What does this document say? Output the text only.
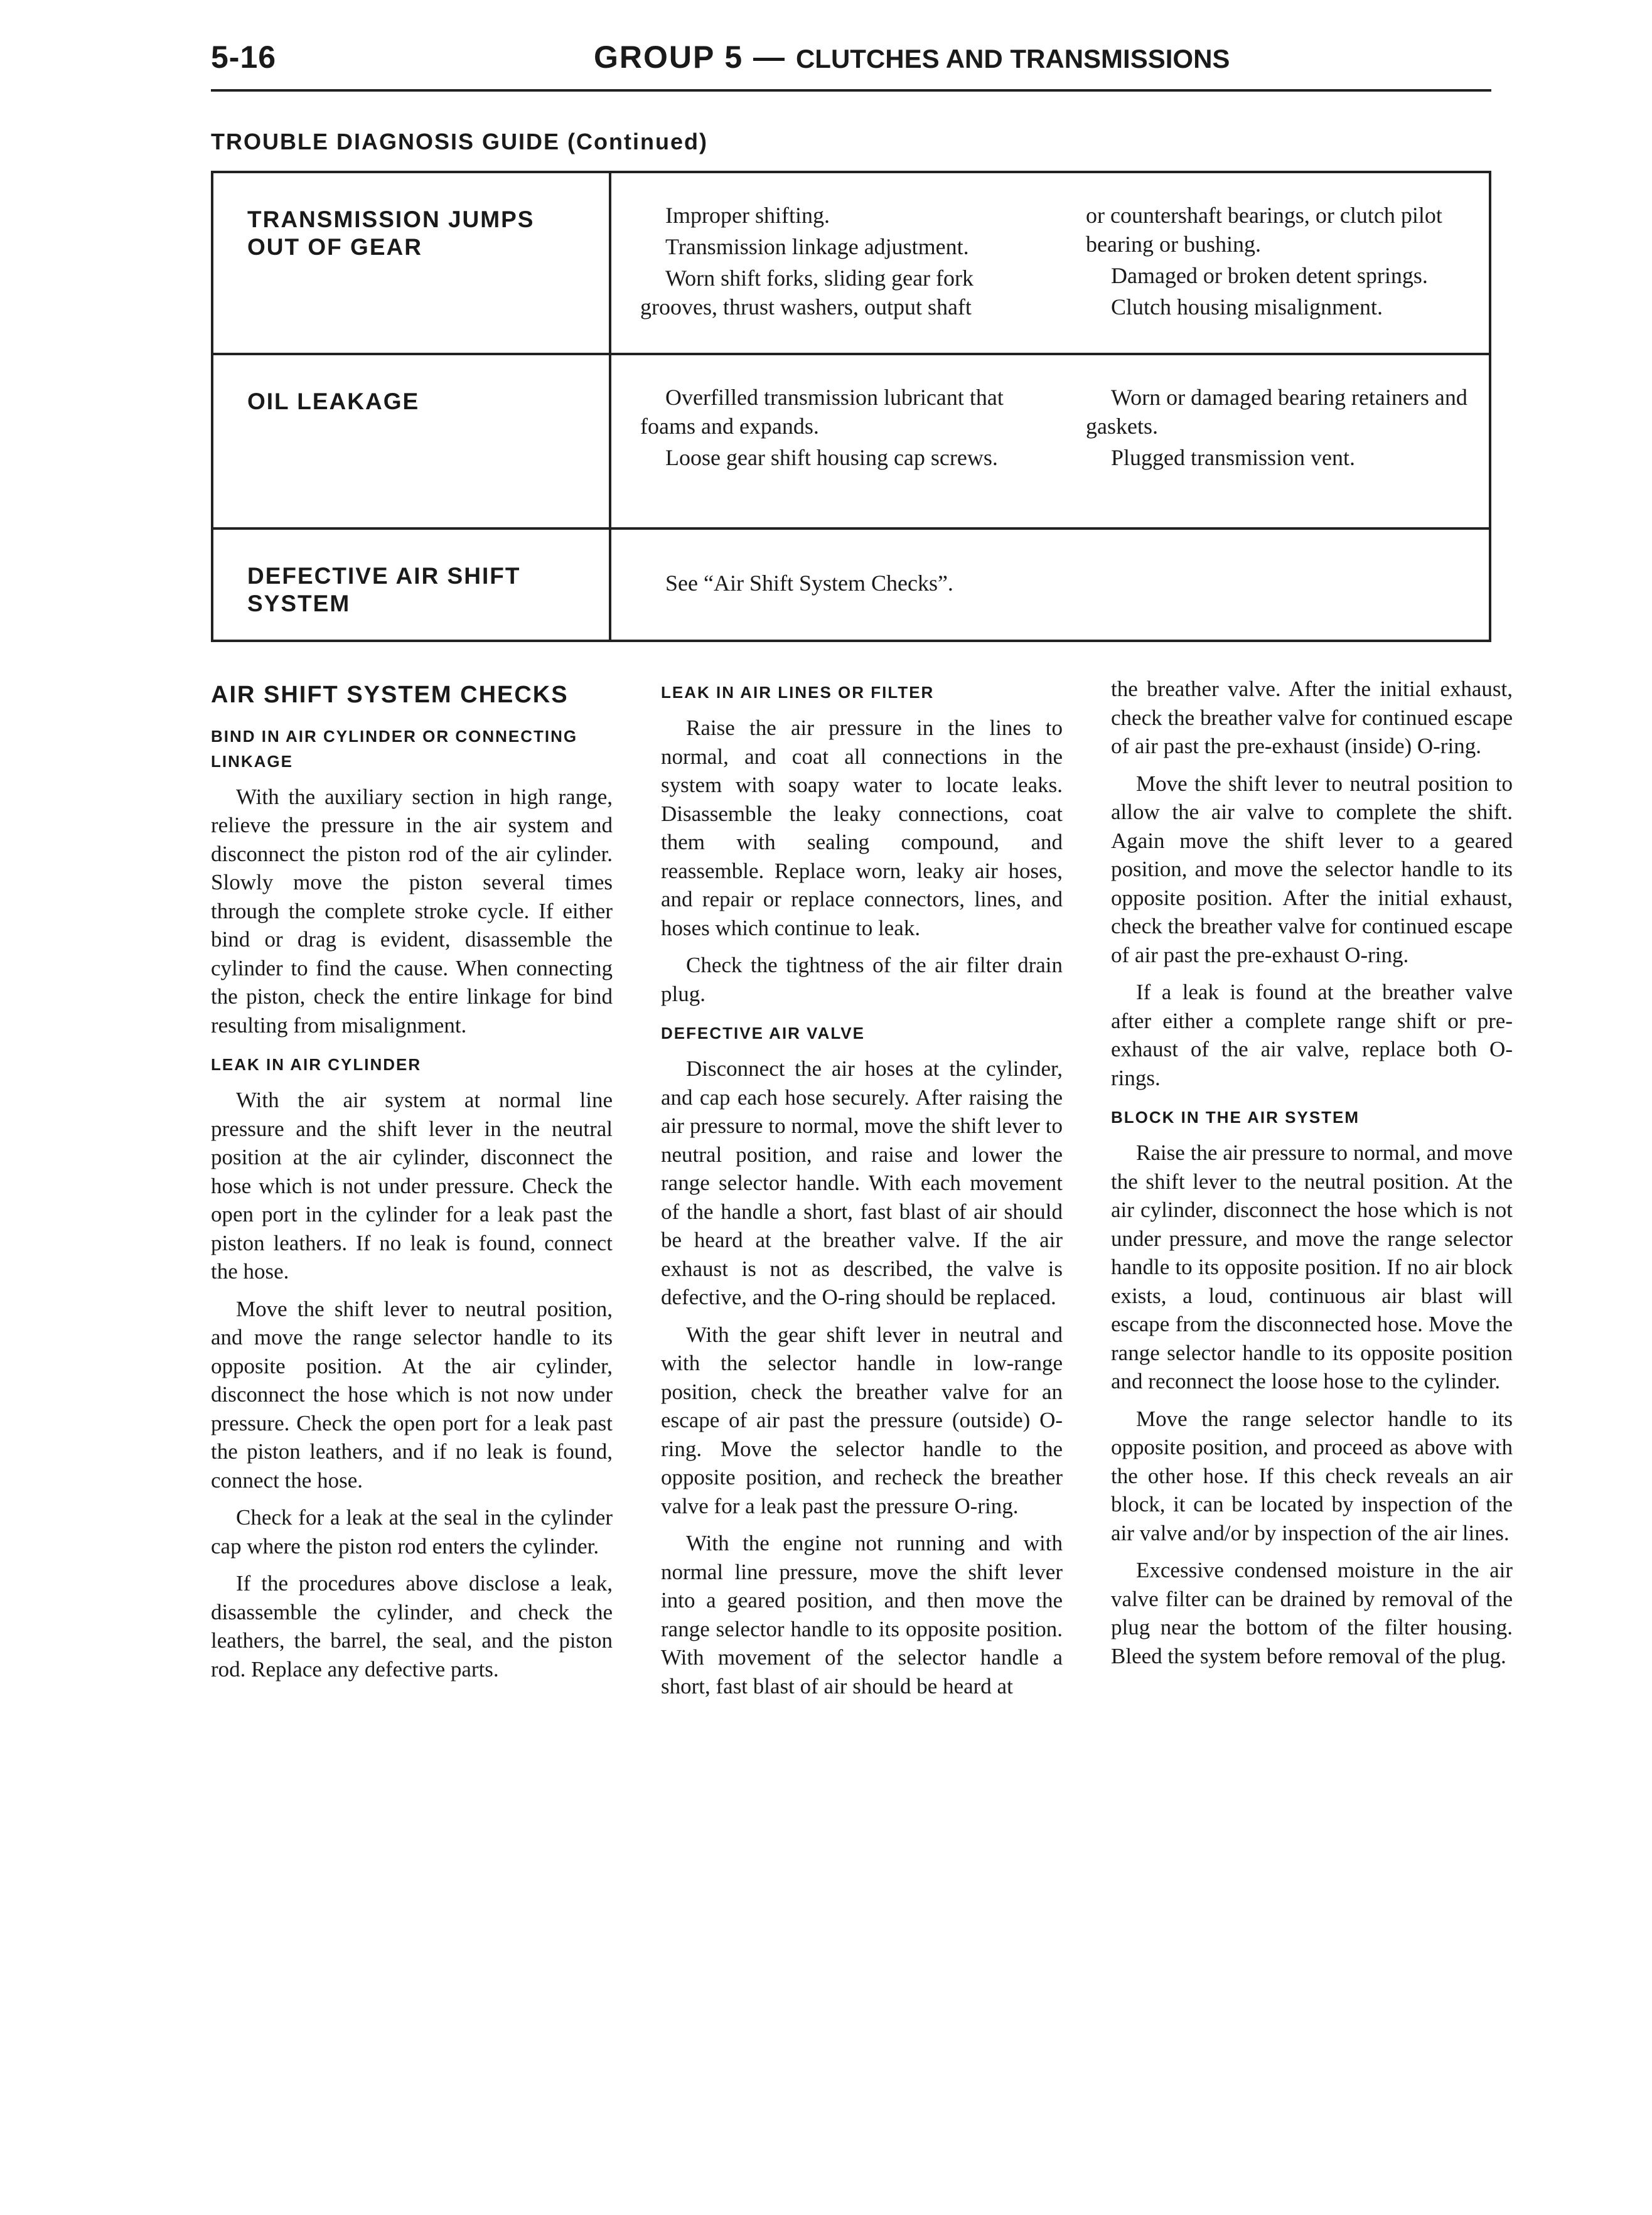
5-16	GROUP 5 — CLUTCHES AND TRANSMISSIONS
TROUBLE DIAGNOSIS GUIDE (Continued)
TRANSMISSION JUMPS OUT OF GEAR

Improper shifting.

Transmission linkage adjustment.

Worn shift forks, sliding gear fork grooves, thrust washers, output shaft

or countershaft bearings, or clutch pilot bearing or bushing.

Damaged or broken detent springs.

Clutch housing misalignment.

OIL LEAKAGE	Overfilled transmission lubricant that foams and expands.

Loose gear shift housing cap screws.

Worn or damaged bearing retainers and gaskets.

Plugged transmission vent.

DEFECTIVE AIR SHIFT SYSTEM

See “Air Shift System Checks”.

AIR SHIFT SYSTEM CHECKS
BIND IN AIR CYLINDER OR CONNECTING LINKAGE

With the auxiliary section in high range, relieve the pressure in the air system and disconnect the piston rod of the air cylinder. Slowly move the piston several times through the complete stroke cycle. If either bind or drag is evident, disassemble the cylinder to find the cause. When connecting the piston, check the entire linkage for bind resulting from misalignment.

LEAK IN AIR CYLINDER

With the air system at normal line pressure and the shift lever in the neutral position at the air cylinder, disconnect the hose which is not under pressure. Check the open port in the cylinder for a leak past the piston leathers. If no leak is found, connect the hose.

Move the shift lever to neutral position, and move the range selector handle to its opposite position. At the air cylinder, disconnect the hose which is not now under pressure. Check the open port for a leak past the piston leathers, and if no leak is found, connect the hose.

Check for a leak at the seal in the cylinder cap where the piston rod enters the cylinder.

If the procedures above disclose a leak, disassemble the cylinder, and check the leathers, the barrel, the seal, and the piston rod. Replace any defective parts.

LEAK IN AIR LINES OR FILTER

Raise the air pressure in the lines to normal, and coat all connections in the system with soapy water to locate leaks. Disassemble the leaky connections, coat them with sealing compound, and reassemble. Replace worn, leaky air hoses, and repair or replace connectors, lines, and hoses which continue to leak.

Check the tightness of the air filter drain plug.

DEFECTIVE AIR VALVE

Disconnect the air hoses at the cylinder, and cap each hose securely. After raising the air pressure to normal, move the shift lever to neutral position, and raise and lower the range selector handle. With each movement of the handle a short, fast blast of air should be heard at the breather valve. If the air exhaust is not as described, the valve is defective, and the O-ring should be replaced.

With the gear shift lever in neutral and with the selector handle in low-range position, check the breather valve for an escape of air past the pressure (outside) O-ring. Move the selector handle to the opposite position, and recheck the breather valve for a leak past the pressure O-ring.

With the engine not running and with normal line pressure, move the shift lever into a geared position, and then move the range selector handle to its opposite position. With movement of the selector handle a short, fast blast of air should be heard at

the breather valve. After the initial exhaust, check the breather valve for continued escape of air past the pre-exhaust (inside) O-ring.

Move the shift lever to neutral position to allow the air valve to complete the shift. Again move the shift lever to a geared position, and move the selector handle to its opposite position. After the initial exhaust, check the breather valve for continued escape of air past the pre-exhaust O-ring.

If a leak is found at the breather valve after either a complete range shift or pre-exhaust of the air valve, replace both O-rings.

BLOCK IN THE AIR SYSTEM

Raise the air pressure to normal, and move the shift lever to the neutral position. At the air cylinder, disconnect the hose which is not under pressure, and move the range selector handle to its opposite position. If no air block exists, a loud, continuous air blast will escape from the disconnected hose. Move the range selector handle to its opposite position and reconnect the loose hose to the cylinder.

Move the range selector handle to its opposite position, and proceed as above with the other hose. If this check reveals an air block, it can be located by inspection of the air valve and/or by inspection of the air lines.

Excessive condensed moisture in the air valve filter can be drained by removal of the plug near the bottom of the filter housing. Bleed the system before removal of the plug.
